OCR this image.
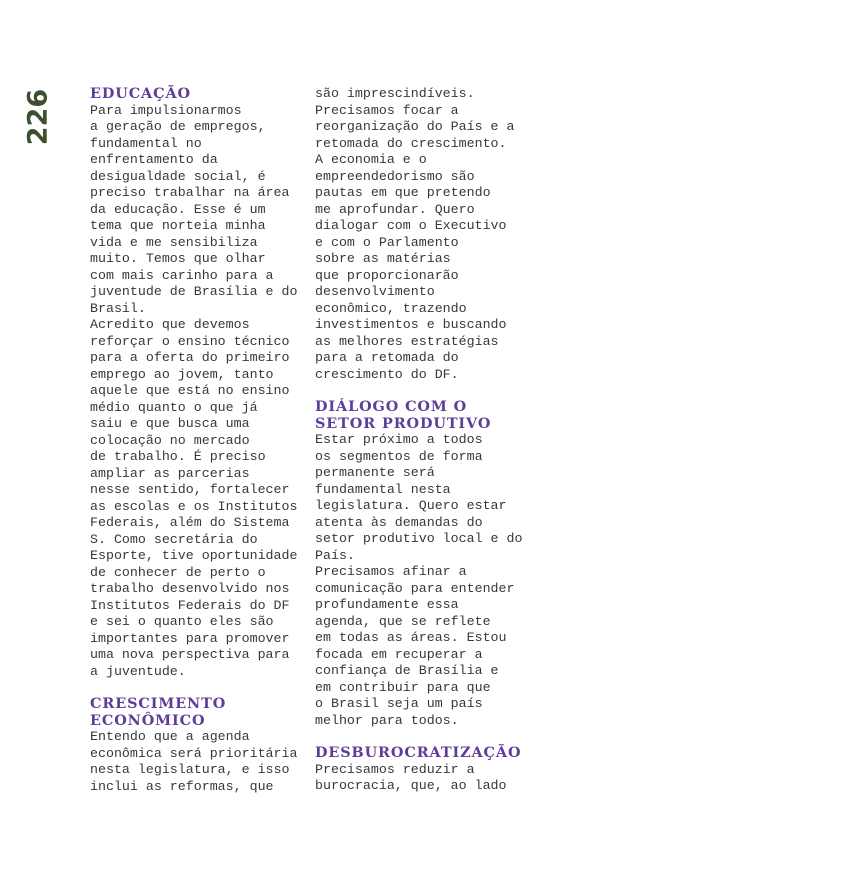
226	EDUCAÇÃO

Para impulsionarmos
a geração de empregos,
fundamental no
enfrentamento da
desigualdade social, é
preciso trabalhar na área
da educação. Esse é um
tema que norteia minha
vida e me sensibiliza
muito. Temos que olhar
com mais carinho para a
juventude de Brasília e do
Brasil.

Acredito que devemos
reforçar o ensino técnico
para a oferta do primeiro
emprego ao jovem, tanto
aquele que está no ensino
médio quanto o que já
saiu e que busca uma
colocação no mercado
de trabalho. É preciso
ampliar as parcerias
nesse sentido, fortalecer
as escolas e os Institutos
Federais, além do Sistema
S. Como secretária do
Esporte, tive oportunidade
de conhecer de perto o
trabalho desenvolvido nos
Institutos Federais do DF
e sei o quanto eles são
importantes para promover
uma nova perspectiva para
a juventude.

CRESCIMENTO
ECONÔMICO

Entendo que a agenda
econômica será prioritária
nesta legislatura, e isso
inclui as reformas, que

são imprescindíveis.
Precisamos focar a
reorganização do País e a
retomada do crescimento.
A economia e o
empreendedorismo são
pautas em que pretendo
me aprofundar. Quero
dialogar com o Executivo
e com o Parlamento
sobre as matérias
que proporcionarão
desenvolvimento
econômico, trazendo
investimentos e buscando
as melhores estratégias
para a retomada do
crescimento do DF.

DIÁLOGO COM O
SETOR PRODUTIVO

Estar próximo a todos
os segmentos de forma
permanente será
fundamental nesta
legislatura. Quero estar
atenta às demandas do
setor produtivo local e do
País.

Precisamos afinar a
comunicação para entender
profundamente essa
agenda, que se reflete
em todas as áreas. Estou
focada em recuperar a
confiança de Brasília e
em contribuir para que
o Brasil seja um país
melhor para todos.

DESBUROCRATIZAÇÃO

Precisamos reduzir a
burocracia, que, ao lado
